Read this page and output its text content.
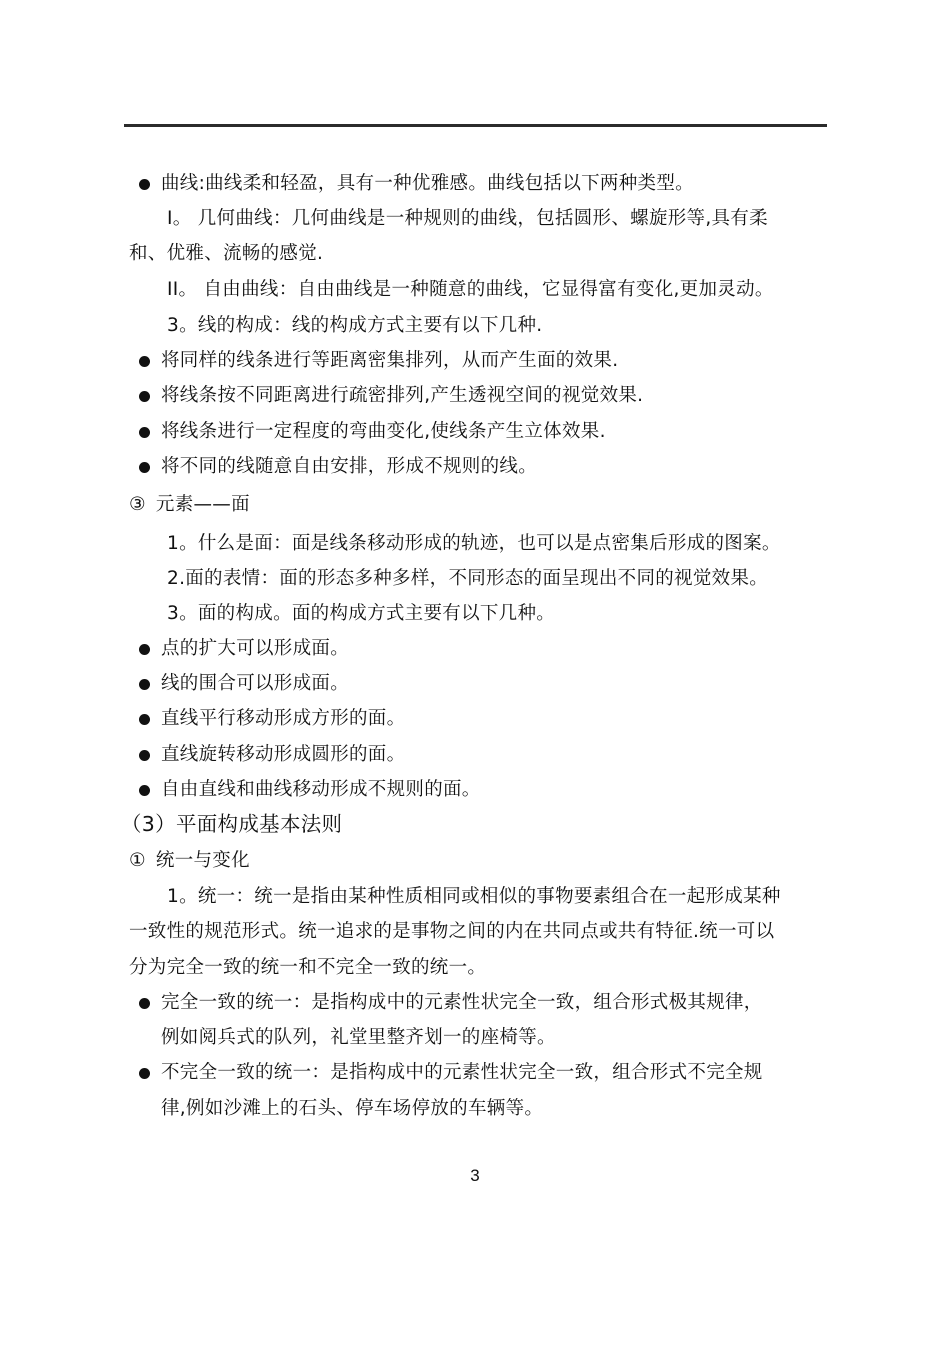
曲线:曲线柔和轻盈，具有一种优雅感。曲线包括以下两种类型。
I。 几何曲线：几何曲线是一种规则的曲线，包括圆形、螺旋形等,具有柔
和、优雅、流畅的感觉.
II。 自由曲线：自由曲线是一种随意的曲线，它显得富有变化,更加灵动。
3。线的构成：线的构成方式主要有以下几种.
将同样的线条进行等距离密集排列，从而产生面的效果.
将线条按不同距离进行疏密排列,产生透视空间的视觉效果.
将线条进行一定程度的弯曲变化,使线条产生立体效果.
将不同的线随意自由安排，形成不规则的线。
③ 元素——面
1。什么是面：面是线条移动形成的轨迹，也可以是点密集后形成的图案。
2.面的表情：面的形态多种多样，不同形态的面呈现出不同的视觉效果。
3。面的构成。面的构成方式主要有以下几种。
点的扩大可以形成面。
线的围合可以形成面。
直线平行移动形成方形的面。
直线旋转移动形成圆形的面。
自由直线和曲线移动形成不规则的面。
（3）平面构成基本法则
① 统一与变化
1。统一：统一是指由某种性质相同或相似的事物要素组合在一起形成某种
一致性的规范形式。统一追求的是事物之间的内在共同点或共有特征.统一可以
分为完全一致的统一和不完全一致的统一。
完全一致的统一：是指构成中的元素性状完全一致，组合形式极其规律，
例如阅兵式的队列，礼堂里整齐划一的座椅等。
不完全一致的统一：是指构成中的元素性状完全一致，组合形式不完全规
律,例如沙滩上的石头、停车场停放的车辆等。
3
